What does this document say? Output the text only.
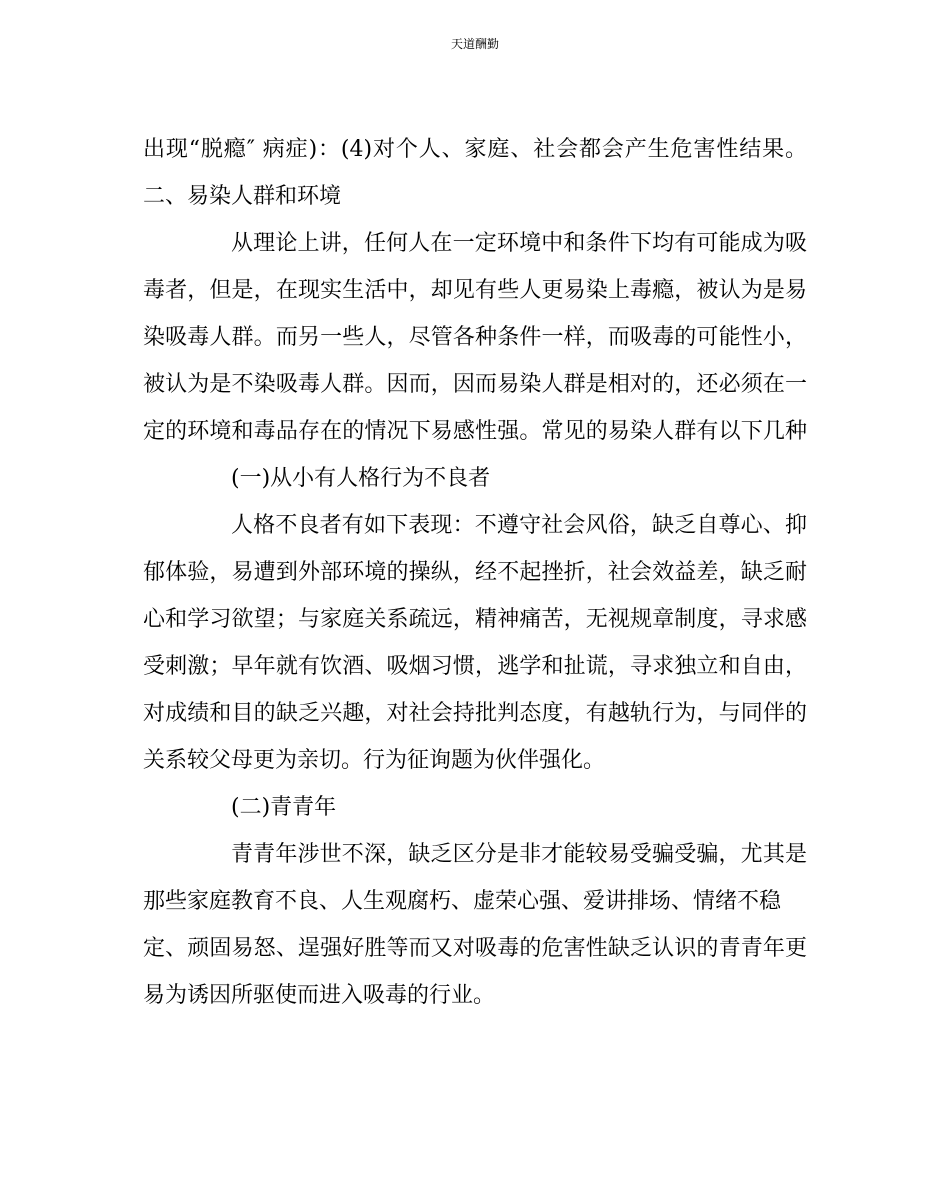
天道酬勤
出现“脱瘾″ 病症)：(4)对个人、家庭、社会都会产生危害性结果。
二、易染人群和环境
从理论上讲，任何人在一定环境中和条件下均有可能成为吸
毒者，但是，在现实生活中，却见有些人更易染上毒瘾，被认为是易
染吸毒人群。而另一些人，尽管各种条件一样，而吸毒的可能性小，
被认为是不染吸毒人群。因而，因而易染人群是相对的，还必须在一
定的环境和毒品存在的情况下易感性强。常见的易染人群有以下几种
(一)从小有人格行为不良者
人格不良者有如下表现：不遵守社会风俗，缺乏自尊心、抑
郁体验，易遭到外部环境的操纵，经不起挫折，社会效益差，缺乏耐
心和学习欲望；与家庭关系疏远，精神痛苦，无视规章制度，寻求感
受刺激；早年就有饮酒、吸烟习惯，逃学和扯谎，寻求独立和自由，
对成绩和目的缺乏兴趣，对社会持批判态度，有越轨行为，与同伴的
关系较父母更为亲切。行为征询题为伙伴强化。
(二)青青年
青青年涉世不深，缺乏区分是非才能较易受骗受骗，尤其是
那些家庭教育不良、人生观腐朽、虚荣心强、爱讲排场、情绪不稳
定、顽固易怒、逞强好胜等而又对吸毒的危害性缺乏认识的青青年更
易为诱因所驱使而进入吸毒的行业。
